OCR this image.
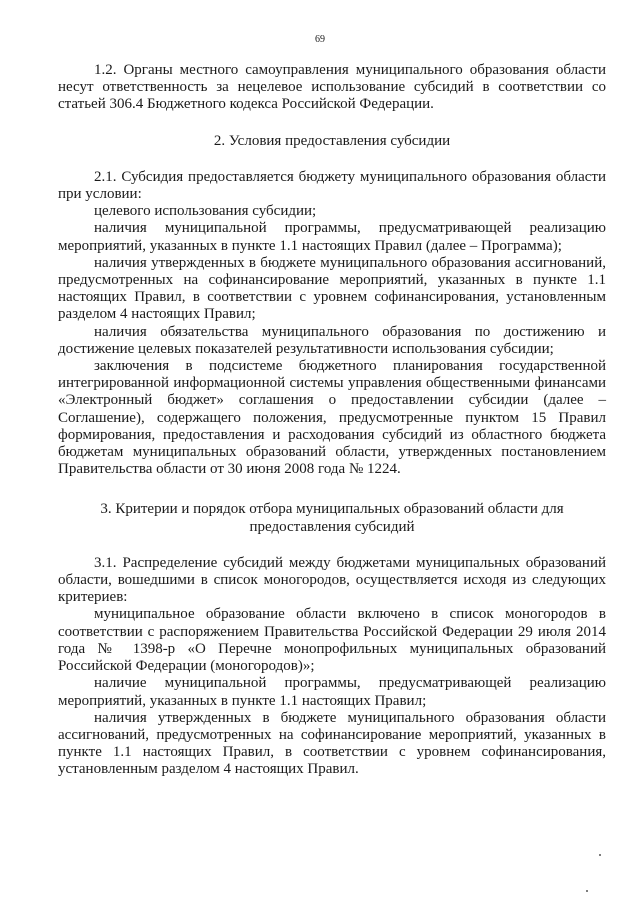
69

1.2. Органы местного самоуправления муниципального образования области несут ответственность за нецелевое использование субсидий в соответствии со статьей 306.4 Бюджетного кодекса Российской Федерации.

2. Условия предоставления субсидии

2.1. Субсидия предоставляется бюджету муниципального образования области при условии:

целевого использования субсидии;

наличия муниципальной программы, предусматривающей реализацию мероприятий, указанных в пункте 1.1 настоящих Правил (далее – Программа);

наличия утвержденных в бюджете муниципального образования ассигнований, предусмотренных на софинансирование мероприятий, указанных в пункте 1.1 настоящих Правил, в соответствии с уровнем софинансирования, установленным разделом 4 настоящих Правил;

наличия обязательства муниципального образования по достижению и достижение целевых показателей результативности использования субсидии;

заключения в подсистеме бюджетного планирования государственной интегрированной информационной системы управления общественными финансами «Электронный бюджет» соглашения о предоставлении субсидии (далее – Соглашение), содержащего положения, предусмотренные пунктом 15 Правил формирования, предоставления и расходования субсидий из областного бюджета бюджетам муниципальных образований области, утвержденных постановлением Правительства области от 30 июня 2008 года № 1224.

3. Критерии и порядок отбора муниципальных образований области для предоставления субсидий

3.1. Распределение субсидий между бюджетами муниципальных образований области, вошедшими в список моногородов, осуществляется исходя из следующих критериев:

муниципальное образование области включено в список моногородов в соответствии с распоряжением Правительства Российской Федерации 29 июля 2014 года № 1398-р «О Перечне монопрофильных муниципальных образований Российской Федерации (моногородов)»;

наличие муниципальной программы, предусматривающей реализацию мероприятий, указанных в пункте 1.1 настоящих Правил;

наличия утвержденных в бюджете муниципального образования области ассигнований, предусмотренных на софинансирование мероприятий, указанных в пункте 1.1 настоящих Правил, в соответствии с уровнем софинансирования, установленным разделом 4 настоящих Правил.
